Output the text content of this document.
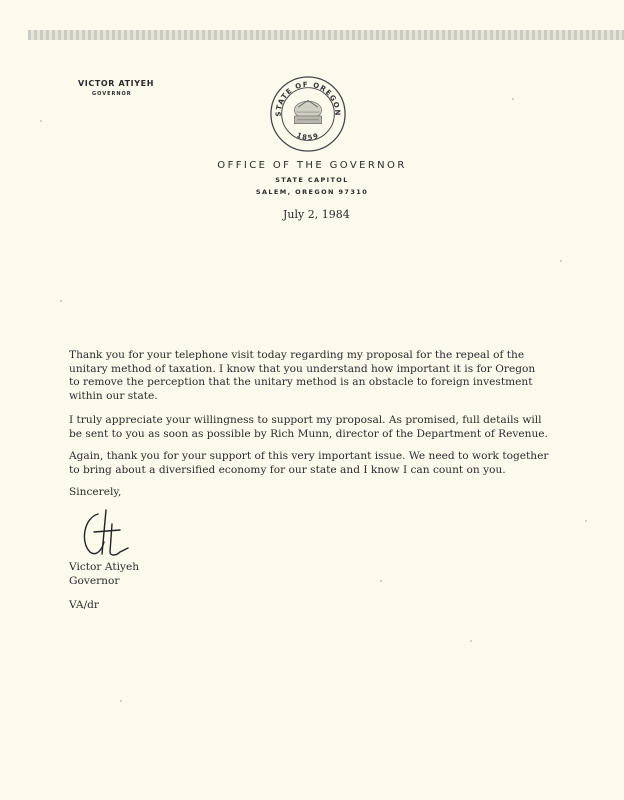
VICTOR ATIYEH
GOVERNOR
STATE OF OREGON
1859
OFFICE OF THE GOVERNOR
STATE CAPITOL
SALEM, OREGON 97310
July 2, 1984
Thank you for your telephone visit today regarding my proposal for the repeal of the
unitary method of taxation. I know that you understand how important it is for Oregon
to remove the perception that the unitary method is an obstacle to foreign investment
within our state.
I truly appreciate your willingness to support my proposal. As promised, full details will
be sent to you as soon as possible by Rich Munn, director of the Department of Revenue.
Again, thank you for your support of this very important issue. We need to work together
to bring about a diversified economy for our state and I know I can count on you.
Sincerely,
Victor Atiyeh
Governor
VA/dr
